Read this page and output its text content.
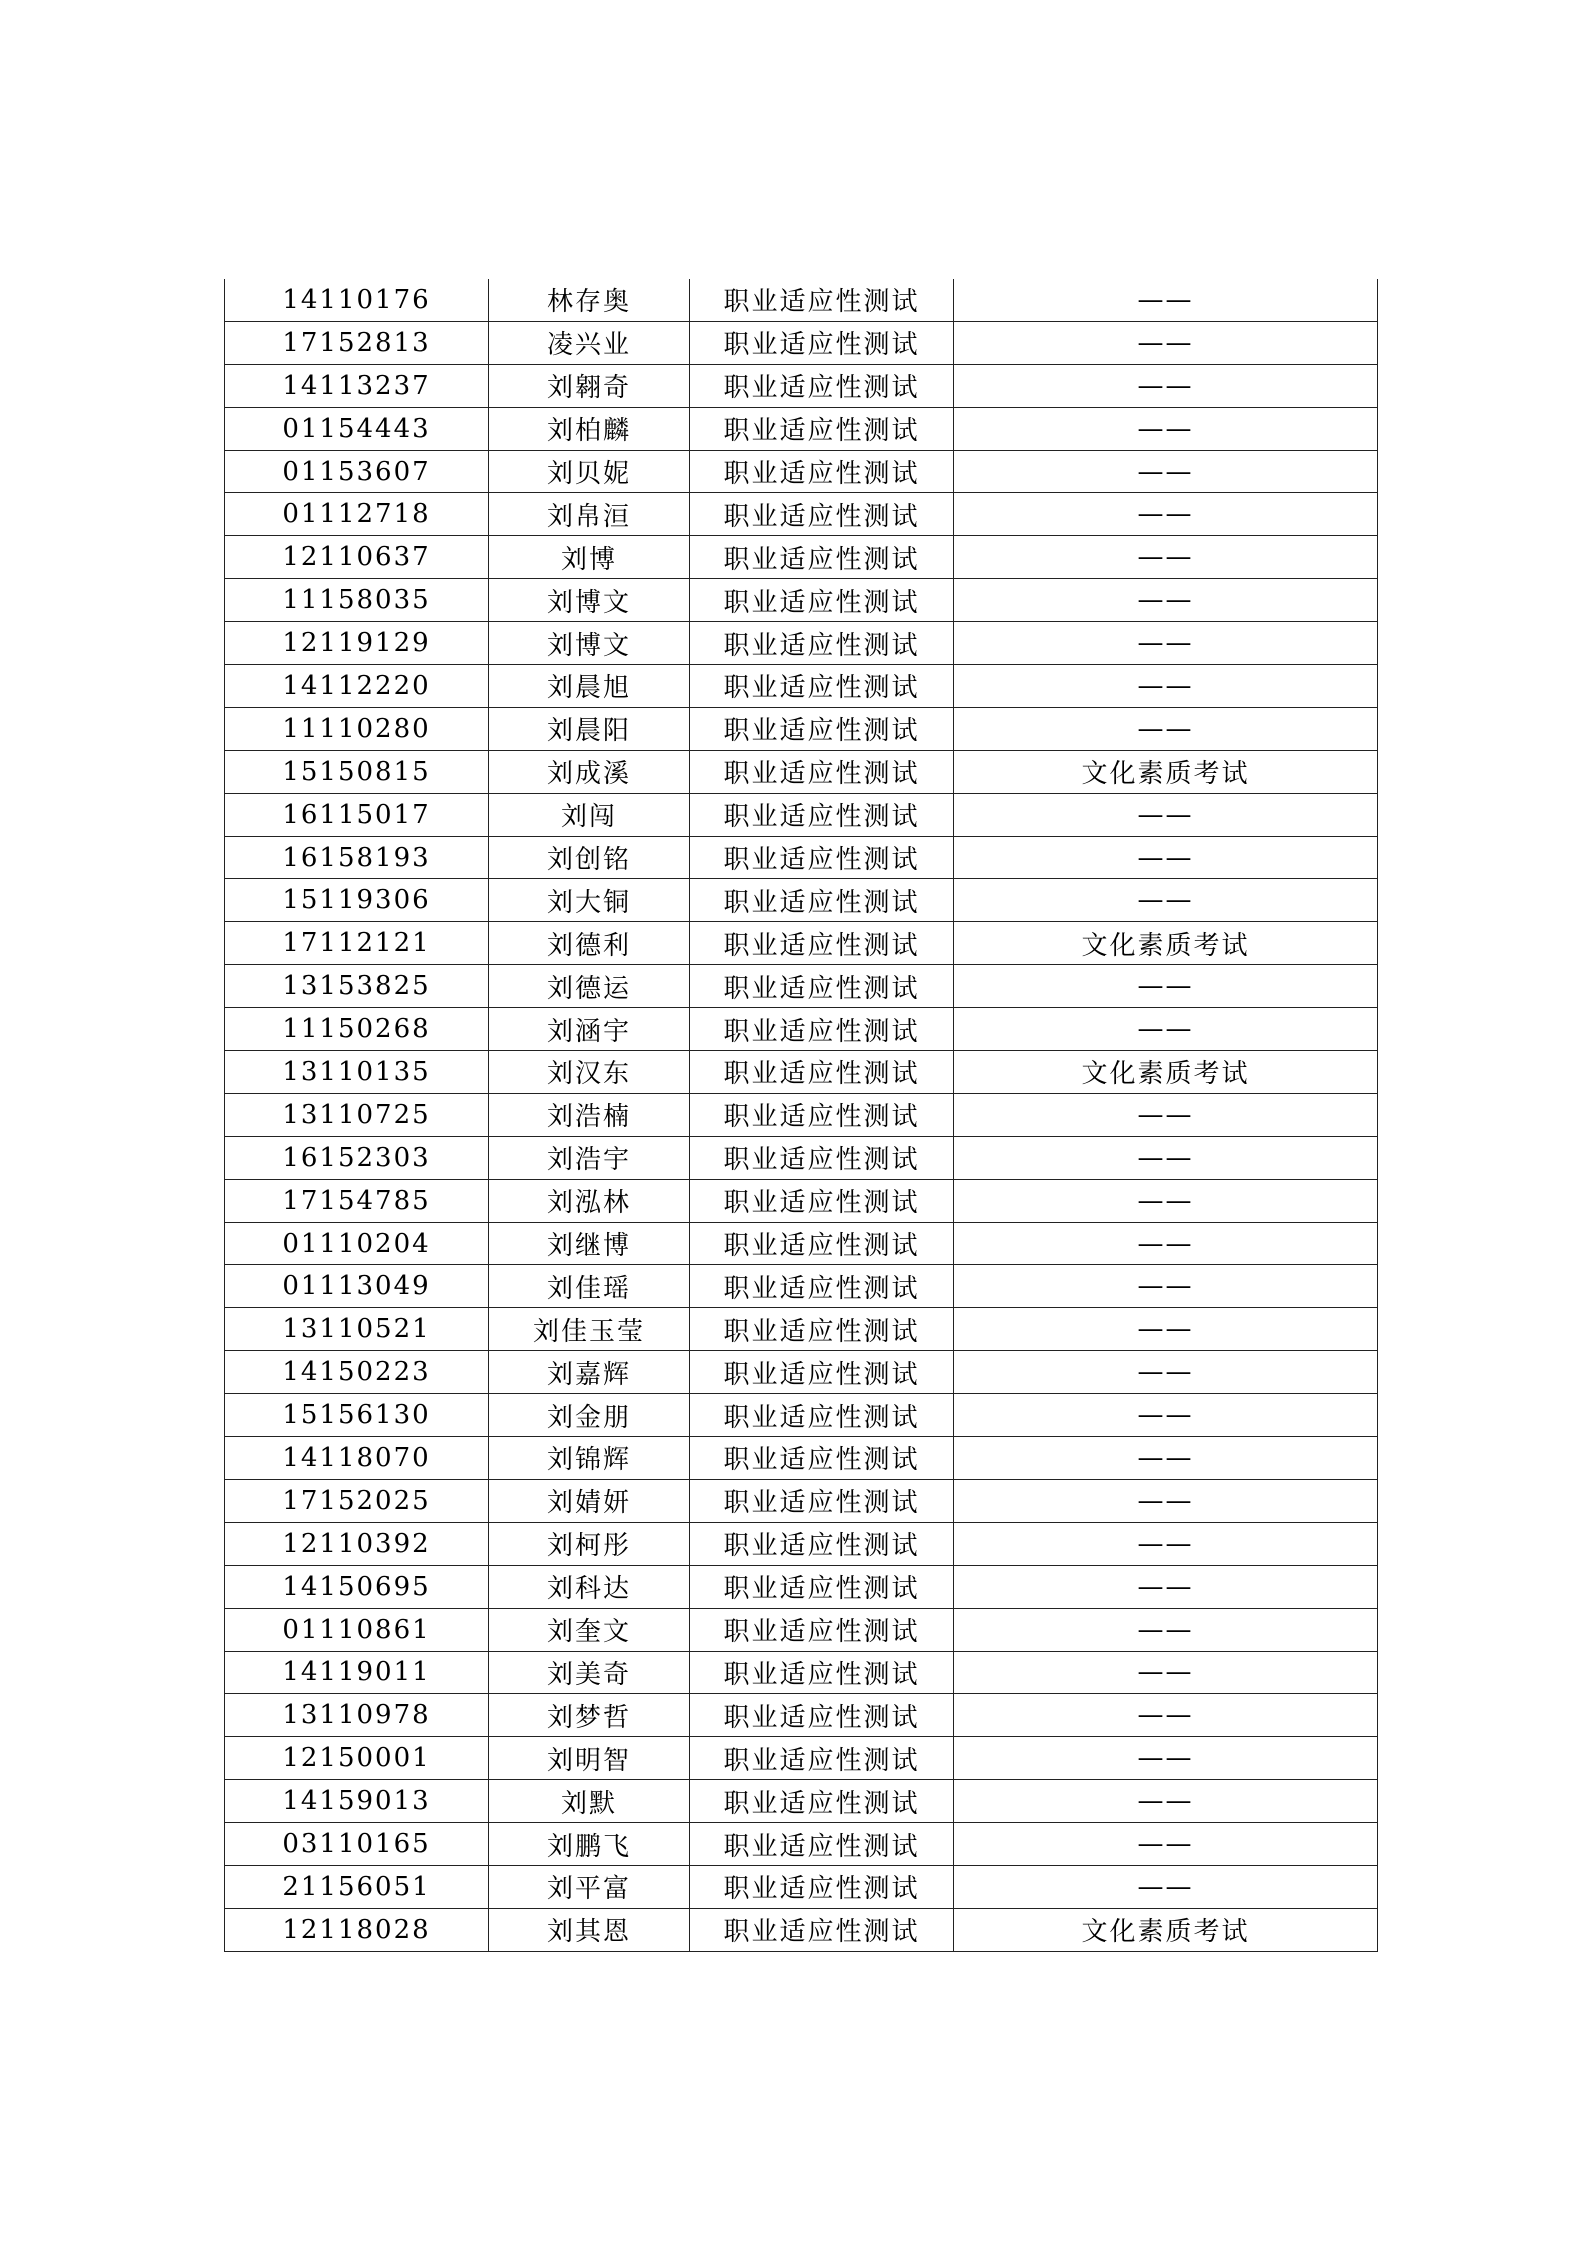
14110176	林存奥	职业适应性测试	——
17152813	凌兴业	职业适应性测试	——
14113237	刘翱奇	职业适应性测试	——
01154443	刘柏麟	职业适应性测试	——
01153607	刘贝妮	职业适应性测试	——
01112718	刘帛洹	职业适应性测试	——
12110637	刘博	职业适应性测试	——
11158035	刘博文	职业适应性测试	——
12119129	刘博文	职业适应性测试	——
14112220	刘晨旭	职业适应性测试	——
11110280	刘晨阳	职业适应性测试	——
15150815	刘成溪	职业适应性测试	文化素质考试
16115017	刘闯	职业适应性测试	——
16158193	刘创铭	职业适应性测试	——
15119306	刘大铜	职业适应性测试	——
17112121	刘德利	职业适应性测试	文化素质考试
13153825	刘德运	职业适应性测试	——
11150268	刘涵宇	职业适应性测试	——
13110135	刘汉东	职业适应性测试	文化素质考试
13110725	刘浩楠	职业适应性测试	——
16152303	刘浩宇	职业适应性测试	——
17154785	刘泓林	职业适应性测试	——
01110204	刘继博	职业适应性测试	——
01113049	刘佳瑶	职业适应性测试	——
13110521	刘佳玉莹	职业适应性测试	——
14150223	刘嘉辉	职业适应性测试	——
15156130	刘金朋	职业适应性测试	——
14118070	刘锦辉	职业适应性测试	——
17152025	刘婧妍	职业适应性测试	——
12110392	刘柯彤	职业适应性测试	——
14150695	刘科达	职业适应性测试	——
01110861	刘奎文	职业适应性测试	——
14119011	刘美奇	职业适应性测试	——
13110978	刘梦哲	职业适应性测试	——
12150001	刘明智	职业适应性测试	——
14159013	刘默	职业适应性测试	——
03110165	刘鹏飞	职业适应性测试	——
21156051	刘平富	职业适应性测试	——
12118028	刘其恩	职业适应性测试	文化素质考试
